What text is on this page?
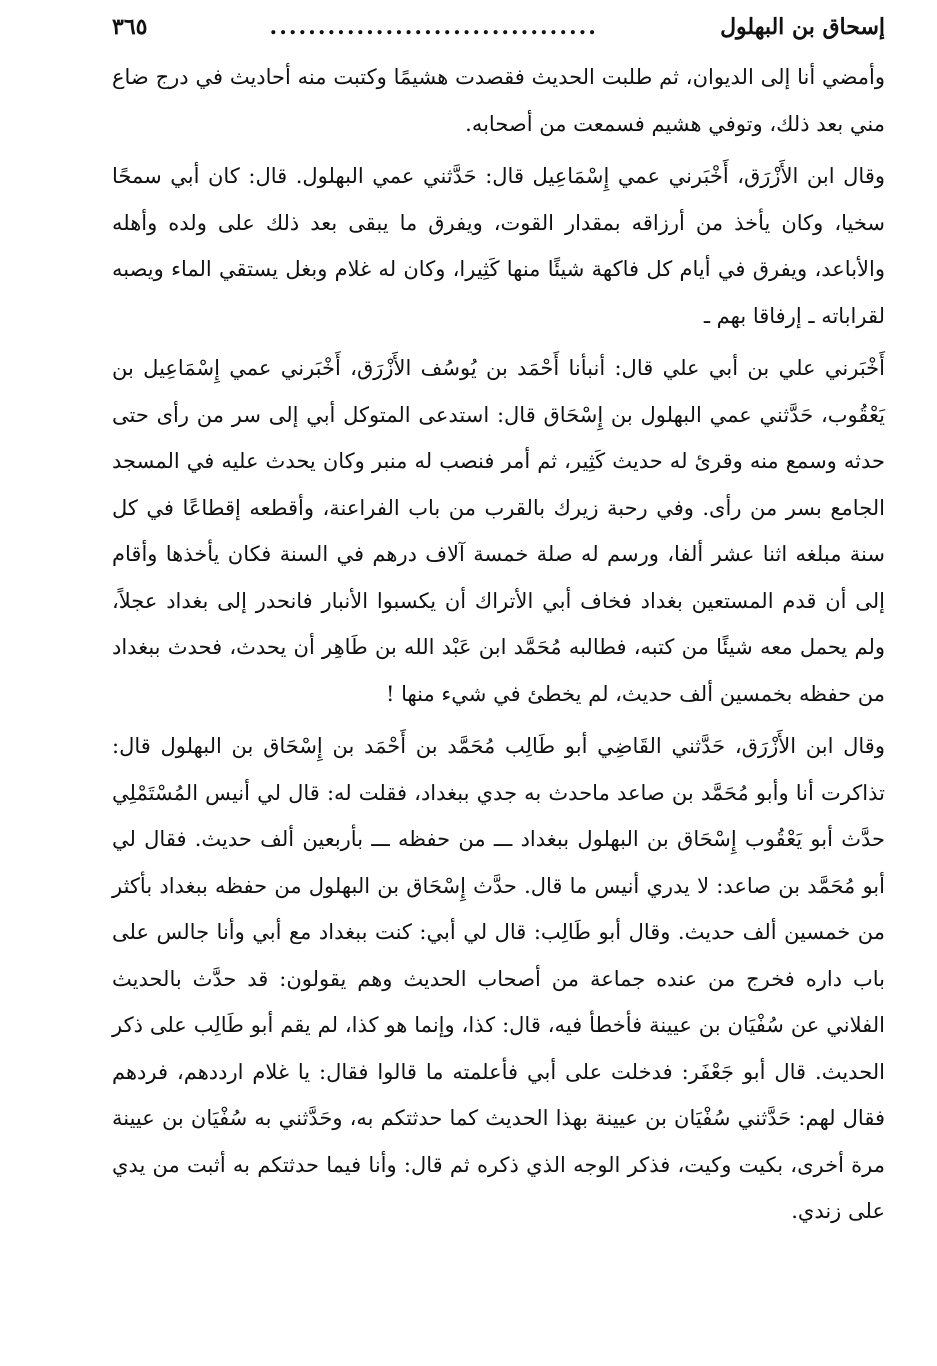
إسحاق بن البهلول
..................................
٣٦٥

وأمضي أنا إلى الديوان، ثم طلبت الحديث فقصدت هشيمًا وكتبت منه أحاديث في درج ضاع مني بعد ذلك، وتوفي هشيم فسمعت من أصحابه.

وقال ابن الأَزْرَق، أَخْبَرني عمي إِسْمَاعِيل قال: حَدَّثني عمي البهلول. قال: كان أبي سمحًا سخيا، وكان يأخذ من أرزاقه بمقدار القوت، ويفرق ما يبقى بعد ذلك على ولده وأهله والأباعد، ويفرق في أيام كل فاكهة شيئًا منها كَثِيرا، وكان له غلام وبغل يستقي الماء ويصبه لقراباته ـ إرفاقا بهم ـ

أَخْبَرني علي بن أبي علي قال: أنبأنا أَحْمَد بن يُوسُف الأَزْرَق، أَخْبَرني عمي إِسْمَاعِيل بن يَعْقُوب، حَدَّثني عمي البهلول بن إِسْحَاق قال: استدعى المتوكل أبي إلى سر من رأى حتى حدثه وسمع منه وقرئ له حديث كَثِير، ثم أمر فنصب له منبر وكان يحدث عليه في المسجد الجامع بسر من رأى. وفي رحبة زيرك بالقرب من باب الفراعنة، وأقطعه إقطاعًا في كل سنة مبلغه اثنا عشر ألفا، ورسم له صلة خمسة آلاف درهم في السنة فكان يأخذها وأقام إلى أن قدم المستعين بغداد فخاف أبي الأتراك أن يكسبوا الأنبار فانحدر إلى بغداد عجلاً، ولم يحمل معه شيئًا من كتبه، فطالبه مُحَمَّد ابن عَبْد الله بن طَاهِر أن يحدث، فحدث ببغداد من حفظه بخمسين ألف حديث، لم يخطئ في شيء منها !

وقال ابن الأَزْرَق، حَدَّثني القَاضِي أبو طَالِب مُحَمَّد بن أَحْمَد بن إِسْحَاق بن البهلول قال: تذاكرت أنا وأبو مُحَمَّد بن صاعد ماحدث به جدي ببغداد، فقلت له: قال لي أنيس المُسْتَمْلِي حدَّث أبو يَعْقُوب إِسْحَاق بن البهلول ببغداد ـــ من حفظه ـــ بأربعين ألف حديث. فقال لي أبو مُحَمَّد بن صاعد: لا يدري أنيس ما قال. حدَّث إِسْحَاق بن البهلول من حفظه ببغداد بأكثر من خمسين ألف حديث. وقال أبو طَالِب: قال لي أبي: كنت ببغداد مع أبي وأنا جالس على باب داره فخرج من عنده جماعة من أصحاب الحديث وهم يقولون: قد حدَّث بالحديث الفلاني عن سُفْيَان بن عيينة فأخطأ فيه، قال: كذا، وإنما هو كذا، لم يقم أبو طَالِب على ذكر الحديث. قال أبو جَعْفَر: فدخلت على أبي فأعلمته ما قالوا فقال: يا غلام اردد‌هم، فردهم فقال لهم: حَدَّثني سُفْيَان بن عيينة بهذا الحديث كما حدثتكم به، وحَدَّثني به سُفْيَان بن عيينة مرة أخرى، بكيت وكيت، فذكر الوجه الذي ذكره ثم قال: وأنا فيما حدثتكم به أثبت من يدي على زندي.
